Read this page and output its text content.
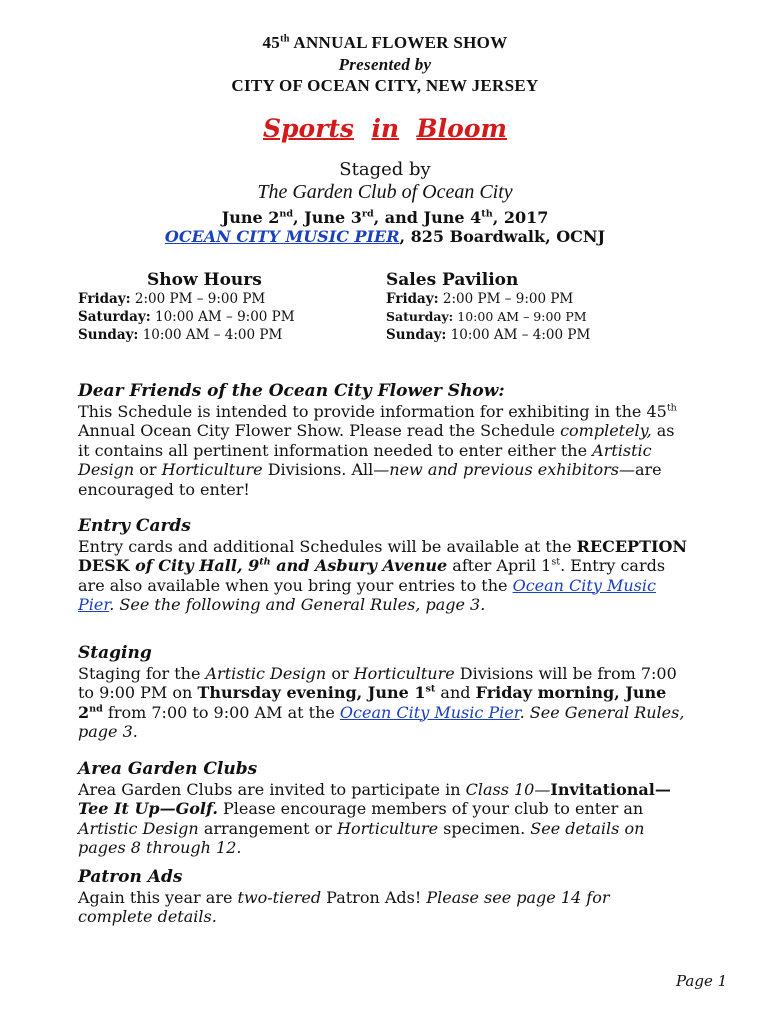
45th ANNUAL FLOWER SHOW
Presented by
CITY OF OCEAN CITY, NEW JERSEY
Sports in Bloom
Staged by
The Garden Club of Ocean City
June 2nd, June 3rd, and June 4th, 2017
OCEAN CITY MUSIC PIER, 825 Boardwalk, OCNJ
Show Hours
Friday: 2:00 PM – 9:00 PM
Saturday: 10:00 AM – 9:00 PM
Sunday: 10:00 AM – 4:00 PM
Sales Pavilion
Friday: 2:00 PM – 9:00 PM
Saturday: 10:00 AM – 9:00 PM
Sunday: 10:00 AM – 4:00 PM
Dear Friends of the Ocean City Flower Show:
This Schedule is intended to provide information for exhibiting in the 45th Annual Ocean City Flower Show. Please read the Schedule completely, as it contains all pertinent information needed to enter either the Artistic Design or Horticulture Divisions. All—new and previous exhibitors—are encouraged to enter!
Entry Cards
Entry cards and additional Schedules will be available at the RECEPTION DESK of City Hall, 9th and Asbury Avenue after April 1st. Entry cards are also available when you bring your entries to the Ocean City Music Pier. See the following and General Rules, page 3.
Staging
Staging for the Artistic Design or Horticulture Divisions will be from 7:00 to 9:00 PM on Thursday evening, June 1st and Friday morning, June 2nd from 7:00 to 9:00 AM at the Ocean City Music Pier. See General Rules, page 3.
Area Garden Clubs
Area Garden Clubs are invited to participate in Class 10—Invitational—Tee It Up—Golf. Please encourage members of your club to enter an Artistic Design arrangement or Horticulture specimen. See details on pages 8 through 12.
Patron Ads
Again this year are two-tiered Patron Ads! Please see page 14 for complete details.
Page 1
